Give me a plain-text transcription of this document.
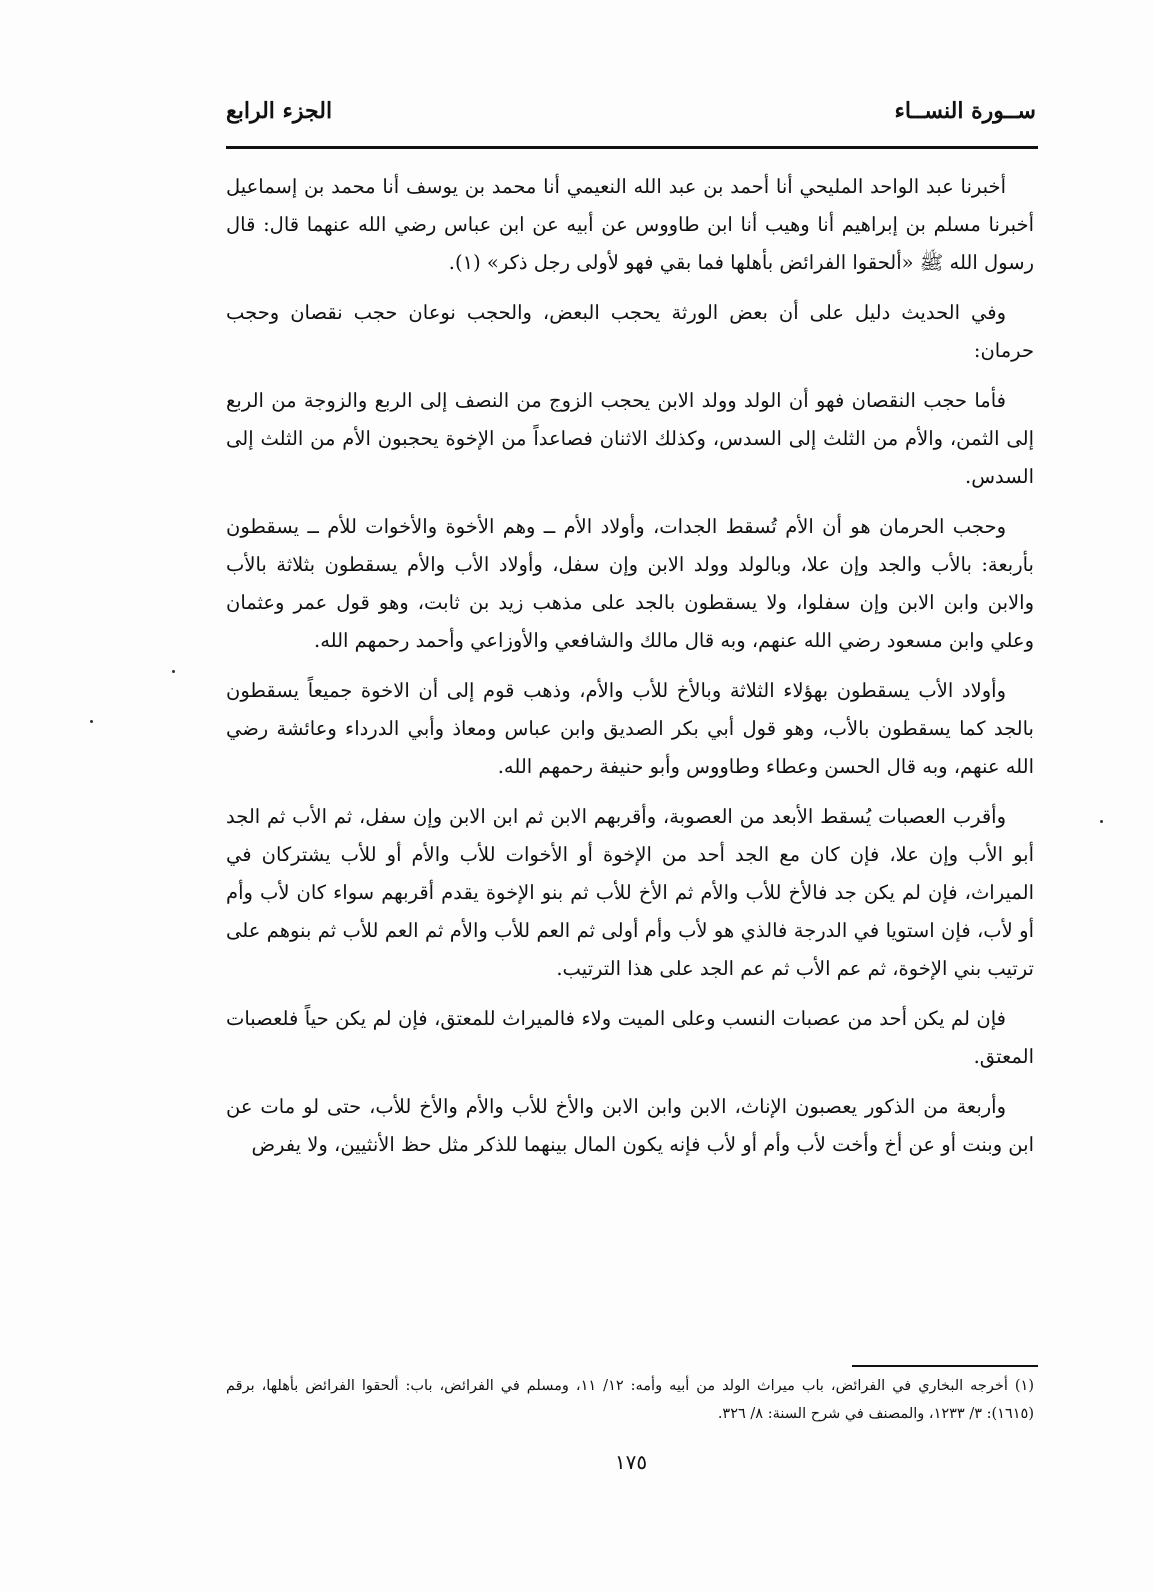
ســورة النســاء
الجزء الرابع

أخبرنا عبد الواحد المليحي أنا أحمد بن عبد الله النعيمي أنا محمد بن يوسف أنا محمد بن إسماعيل أخبرنا مسلم بن إبراهيم أنا وهيب أنا ابن طاووس عن أبيه عن ابن عباس رضي الله عنهما قال: قال رسول الله ﷺ «ألحقوا الفرائض بأهلها فما بقي فهو لأولى رجل ذكر» (١).

وفي الحديث دليل على أن بعض الورثة يحجب البعض، والحجب نوعان حجب نقصان وحجب حرمان:

فأما حجب النقصان فهو أن الولد وولد الابن يحجب الزوج من النصف إلى الربع والزوجة من الربع إلى الثمن، والأم من الثلث إلى السدس، وكذلك الاثنان فصاعداً من الإخوة يحجبون الأم من الثلث إلى السدس.

وحجب الحرمان هو أن الأم تُسقط الجدات، وأولاد الأم ــ وهم الأخوة والأخوات للأم ــ يسقطون بأربعة: بالأب والجد وإن علا، وبالولد وولد الابن وإن سفل، وأولاد الأب والأم يسقطون بثلاثة بالأب والابن وابن الابن وإن سفلوا، ولا يسقطون بالجد على مذهب زيد بن ثابت، وهو قول عمر وعثمان وعلي وابن مسعود رضي الله عنهم، وبه قال مالك والشافعي والأوزاعي وأحمد رحمهم الله.

وأولاد الأب يسقطون بهؤلاء الثلاثة وبالأخ للأب والأم، وذهب قوم إلى أن الاخوة جميعاً يسقطون بالجد كما يسقطون بالأب، وهو قول أبي بكر الصديق وابن عباس ومعاذ وأبي الدرداء وعائشة رضي الله عنهم، وبه قال الحسن وعطاء وطاووس وأبو حنيفة رحمهم الله.

وأقرب العصبات يُسقط الأبعد من العصوبة، وأقربهم الابن ثم ابن الابن وإن سفل، ثم الأب ثم الجد أبو الأب وإن علا، فإن كان مع الجد أحد من الإخوة أو الأخوات للأب والأم أو للأب يشتركان في الميراث، فإن لم يكن جد فالأخ للأب والأم ثم الأخ للأب ثم بنو الإخوة يقدم أقربهم سواء كان لأب وأم أو لأب، فإن استويا في الدرجة فالذي هو لأب وأم أولى ثم العم للأب والأم ثم العم للأب ثم بنوهم على ترتيب بني الإخوة، ثم عم الأب ثم عم الجد على هذا الترتيب.

فإن لم يكن أحد من عصبات النسب وعلى الميت ولاء فالميراث للمعتق، فإن لم يكن حياً فلعصبات المعتق.

وأربعة من الذكور يعصبون الإناث، الابن وابن الابن والأخ للأب والأم والأخ للأب، حتى لو مات عن ابن وبنت أو عن أخ وأخت لأب وأم أو لأب فإنه يكون المال بينهما للذكر مثل حظ الأنثيين، ولا يفرض

(١) أخرجه البخاري في الفرائض، باب ميراث الولد من أبيه وأمه: ١٢/ ١١، ومسلم في الفرائض، باب: ألحقوا الفرائض بأهلها، برقم (١٦١٥): ٣/ ١٢٣٣، والمصنف في شرح السنة: ٨/ ٣٢٦.
١٧٥
